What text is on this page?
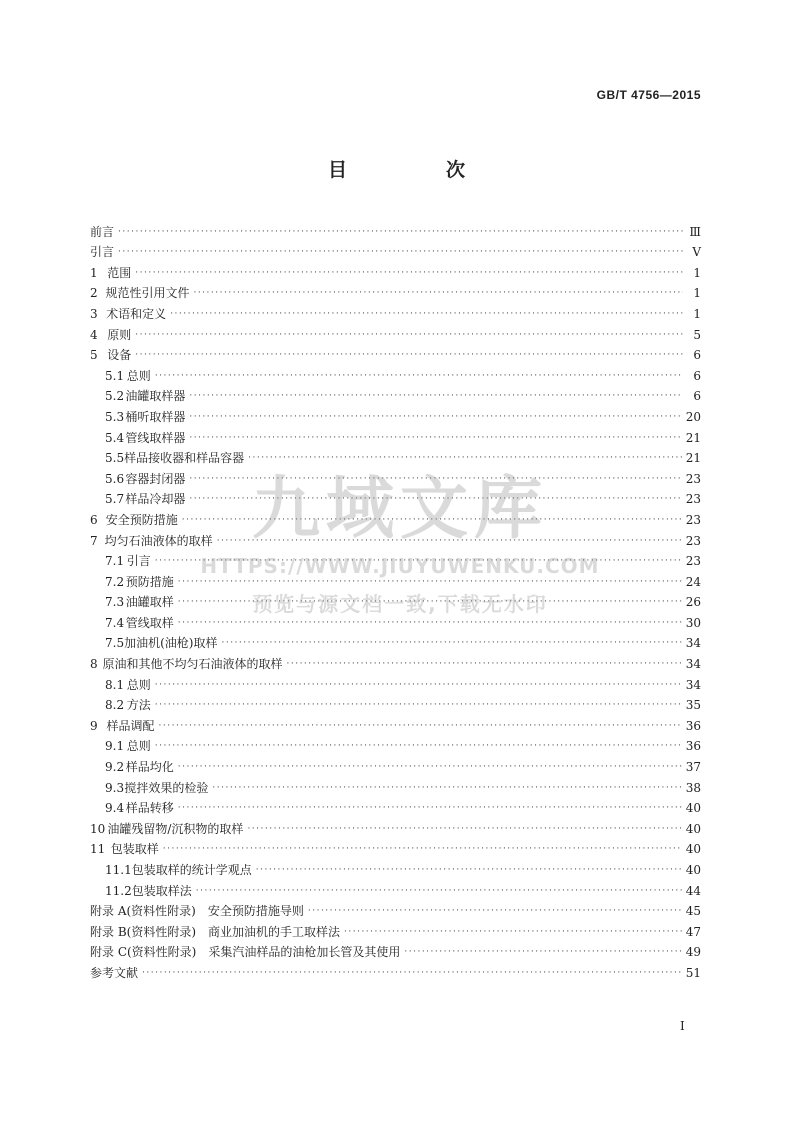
GB/T 4756—2015
目　次
前言 ·····	Ⅲ
引言 ·····	Ⅴ
1 范围 ·····	1
2 规范性引用文件 ·····	1
3 术语和定义 ·····	1
4 原则 ·····	5
5 设备 ·····	6
5.1 总则 ·····	6
5.2 油罐取样器 ·····	6
5.3 桶听取样器 ·····	20
5.4 管线取样器 ·····	21
5.5 样品接收器和样品容器 ·····	21
5.6 容器封闭器 ·····	23
5.7 样品冷却器 ·····	23
6 安全预防措施 ·····	23
7 均匀石油液体的取样 ·····	23
7.1 引言 ·····	23
7.2 预防措施 ·····	24
7.3 油罐取样 ·····	26
7.4 管线取样 ·····	30
7.5 加油机(油枪)取样 ·····	34
8 原油和其他不均匀石油液体的取样 ·····	34
8.1 总则 ·····	34
8.2 方法 ·····	35
9 样品调配 ·····	36
9.1 总则 ·····	36
9.2 样品均化 ·····	37
9.3 搅拌效果的检验 ·····	38
9.4 样品转移 ·····	40
10 油罐残留物/沉积物的取样 ·····	40
11 包装取样 ·····	40
11.1 包装取样的统计学观点 ·····	40
11.2 包装取样法 ·····	44
附录 A(资料性附录)　安全预防措施导则 ·····	45
附录 B(资料性附录)　商业加油机的手工取样法 ·····	47
附录 C(资料性附录)　采集汽油样品的油枪加长管及其使用 ·····	49
参考文献 ·····	51
九域文库
HTTPS://WWW.JIUYUWENKU.COM
预览与源文档一致,下载无水印
I
